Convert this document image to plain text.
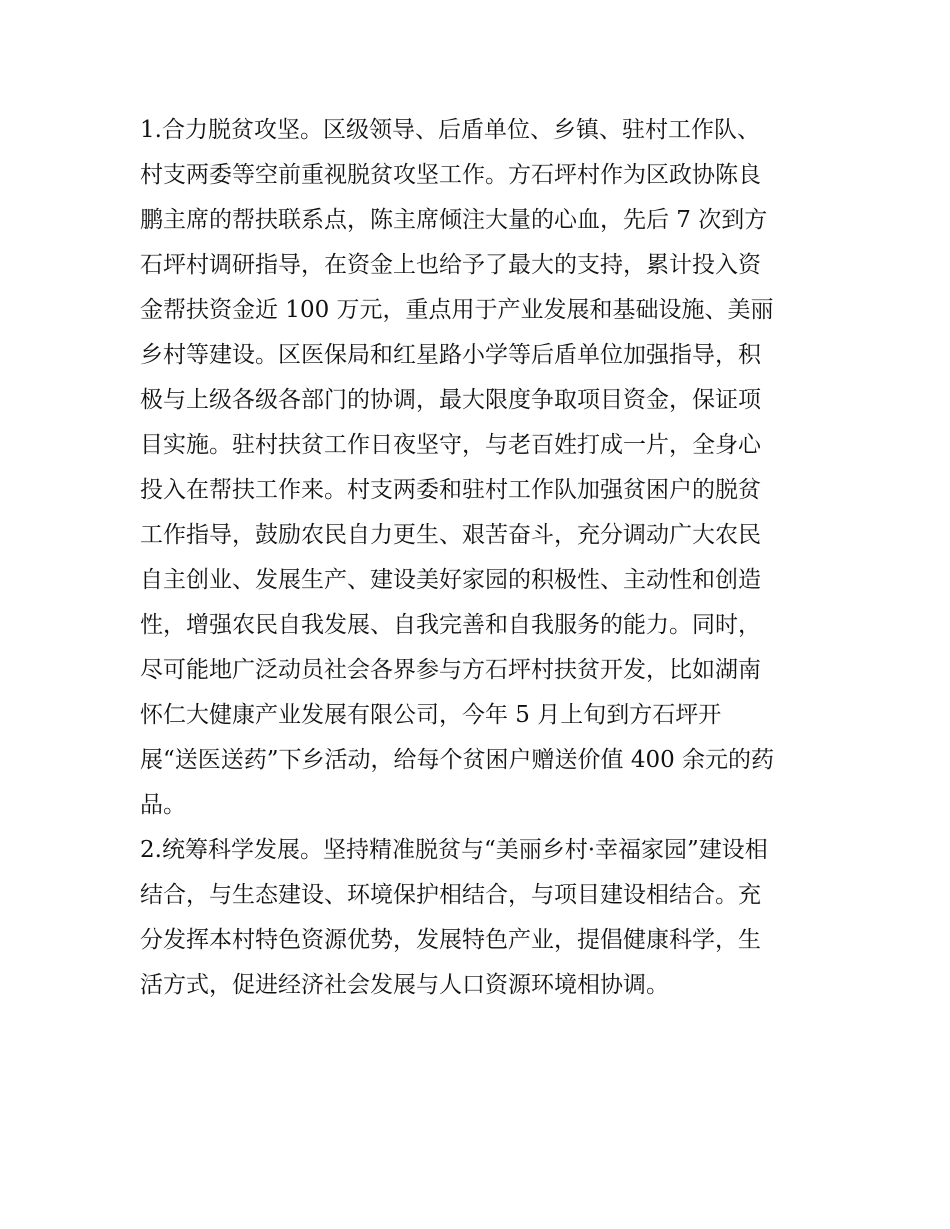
1.合力脱贫攻坚。区级领导、后盾单位、乡镇、驻村工作队、
村支两委等空前重视脱贫攻坚工作。方石坪村作为区政协陈良
鹏主席的帮扶联系点，陈主席倾注大量的心血，先后 7 次到方
石坪村调研指导，在资金上也给予了最大的支持，累计投入资
金帮扶资金近 100 万元，重点用于产业发展和基础设施、美丽
乡村等建设。区医保局和红星路小学等后盾单位加强指导，积
极与上级各级各部门的协调，最大限度争取项目资金，保证项
目实施。驻村扶贫工作日夜坚守，与老百姓打成一片，全身心
投入在帮扶工作来。村支两委和驻村工作队加强贫困户的脱贫
工作指导，鼓励农民自力更生、艰苦奋斗，充分调动广大农民
自主创业、发展生产、建设美好家园的积极性、主动性和创造
性，增强农民自我发展、自我完善和自我服务的能力。同时，
尽可能地广泛动员社会各界参与方石坪村扶贫开发，比如湖南
怀仁大健康产业发展有限公司，今年 5 月上旬到方石坪开
展“送医送药”下乡活动，给每个贫困户赠送价值 400 余元的药
品。
2.统筹科学发展。坚持精准脱贫与“美丽乡村·幸福家园”建设相
结合，与生态建设、环境保护相结合，与项目建设相结合。充
分发挥本村特色资源优势，发展特色产业，提倡健康科学，生
活方式，促进经济社会发展与人口资源环境相协调。
